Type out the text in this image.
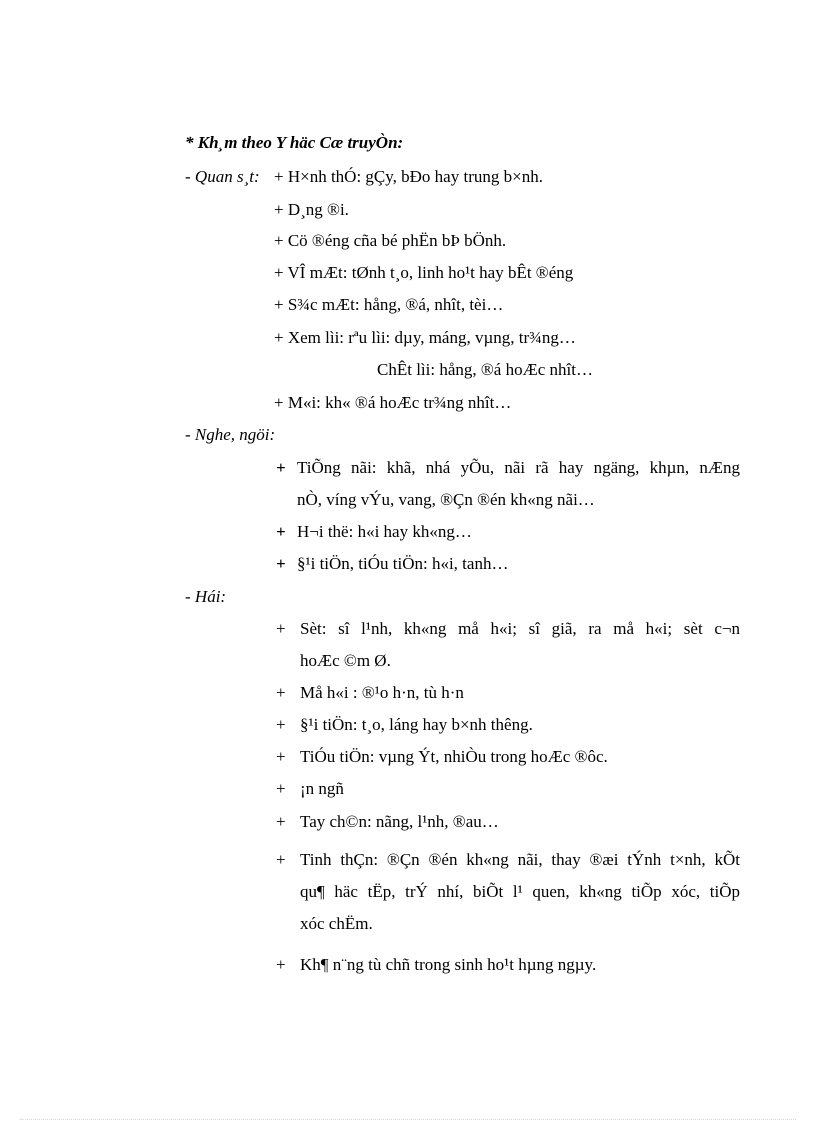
* Kh¸m theo Y häc Cæ truyÒn:
- Quan s¸t: + H×nh thÓ: gÇy, bÐo hay trung b×nh.
+ D¸ng ®i.
+ Cö ®éng cña bé phËn bÞ bÖnh.
+ VÎ mÆt: tØnh t¸o, linh ho¹t hay bÊt ®éng
+ S¾c mÆt: hång, ®á, nhît, tèi…
+ Xem lìi: rªu lìi: dµy, máng, vµng, tr¾ng…
ChÊt lìi: hång, ®á hoÆc nhît…
+ M«i: kh« ®á hoÆc tr¾ng nhît…
- Nghe, ngöi:
+ TiÕng nãi: khã, nhá yÕu, nãi rã hay ngäng, khµn, nÆng
nÒ, víng vÝu, vang, ®Çn ®én kh«ng nãi…
+ H¬i thë: h«i hay kh«ng…
+ §¹i tiÖn, tiÓu tiÖn: h«i, tanh…
- Hái:
+ Sèt: sî l¹nh, kh«ng må h«i; sî giã, ra må h«i; sèt c¬n
hoÆc ©m Ø.
+ Må h«i : ®¹o h·n, tù h·n
+ §¹i tiÖn: t¸o, láng hay b×nh thêng.
+ TiÓu tiÖn: vµng Ýt, nhiÒu trong hoÆc ®ôc.
+ ¡n ngñ
+ Tay ch©n: nãng, l¹nh, ®au…
+ Tinh thÇn: ®Çn ®én kh«ng nãi, thay ®æi tÝnh t×nh, kÕt
qu¶ häc tËp, trÝ nhí, biÕt l¹ quen, kh«ng tiÕp xóc, tiÕp
xóc chËm.
+ Kh¶ n¨ng tù chñ trong sinh ho¹t hµng ngµy.
